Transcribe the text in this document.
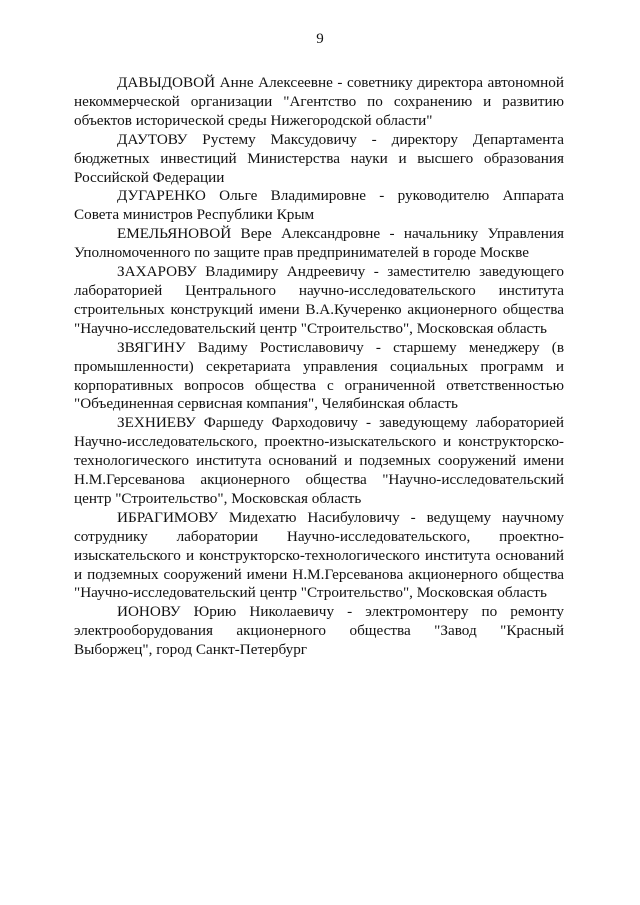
9

ДАВЫДОВОЙ Анне Алексеевне - советнику директора автономной некоммерческой организации "Агентство по сохранению и развитию объектов исторической среды Нижегородской области"

ДАУТОВУ Рустему Максудовичу - директору Департамента бюджетных инвестиций Министерства науки и высшего образования Российской Федерации

ДУГАРЕНКО Ольге Владимировне - руководителю Аппарата Совета министров Республики Крым

ЕМЕЛЬЯНОВОЙ Вере Александровне - начальнику Управления Уполномоченного по защите прав предпринимателей в городе Москве

ЗАХАРОВУ Владимиру Андреевичу - заместителю заведующего лабораторией Центрального научно-исследовательского института строительных конструкций имени В.А.Кучеренко акционерного общества "Научно-исследовательский центр "Строительство", Московская область

ЗВЯГИНУ Вадиму Ростиславовичу - старшему менеджеру (в промышленности) секретариата управления социальных программ и корпоративных вопросов общества с ограниченной ответственностью "Объединенная сервисная компания", Челябинская область

ЗЕХНИЕВУ Фаршеду Фарходовичу - заведующему лабораторией Научно-исследовательского, проектно-изыскательского и конструкторско-технологического института оснований и подземных сооружений имени Н.М.Герсеванова акционерного общества "Научно-исследовательский центр "Строительство", Московская область

ИБРАГИМОВУ Мидехатю Насибуловичу - ведущему научному сотруднику лаборатории Научно-исследовательского, проектно-изыскательского и конструкторско-технологического института оснований и подземных сооружений имени Н.М.Герсеванова акционерного общества "Научно-исследовательский центр "Строительство", Московская область

ИОНОВУ Юрию Николаевичу - электромонтеру по ремонту электрооборудования акционерного общества "Завод "Красный Выборжец", город Санкт-Петербург
